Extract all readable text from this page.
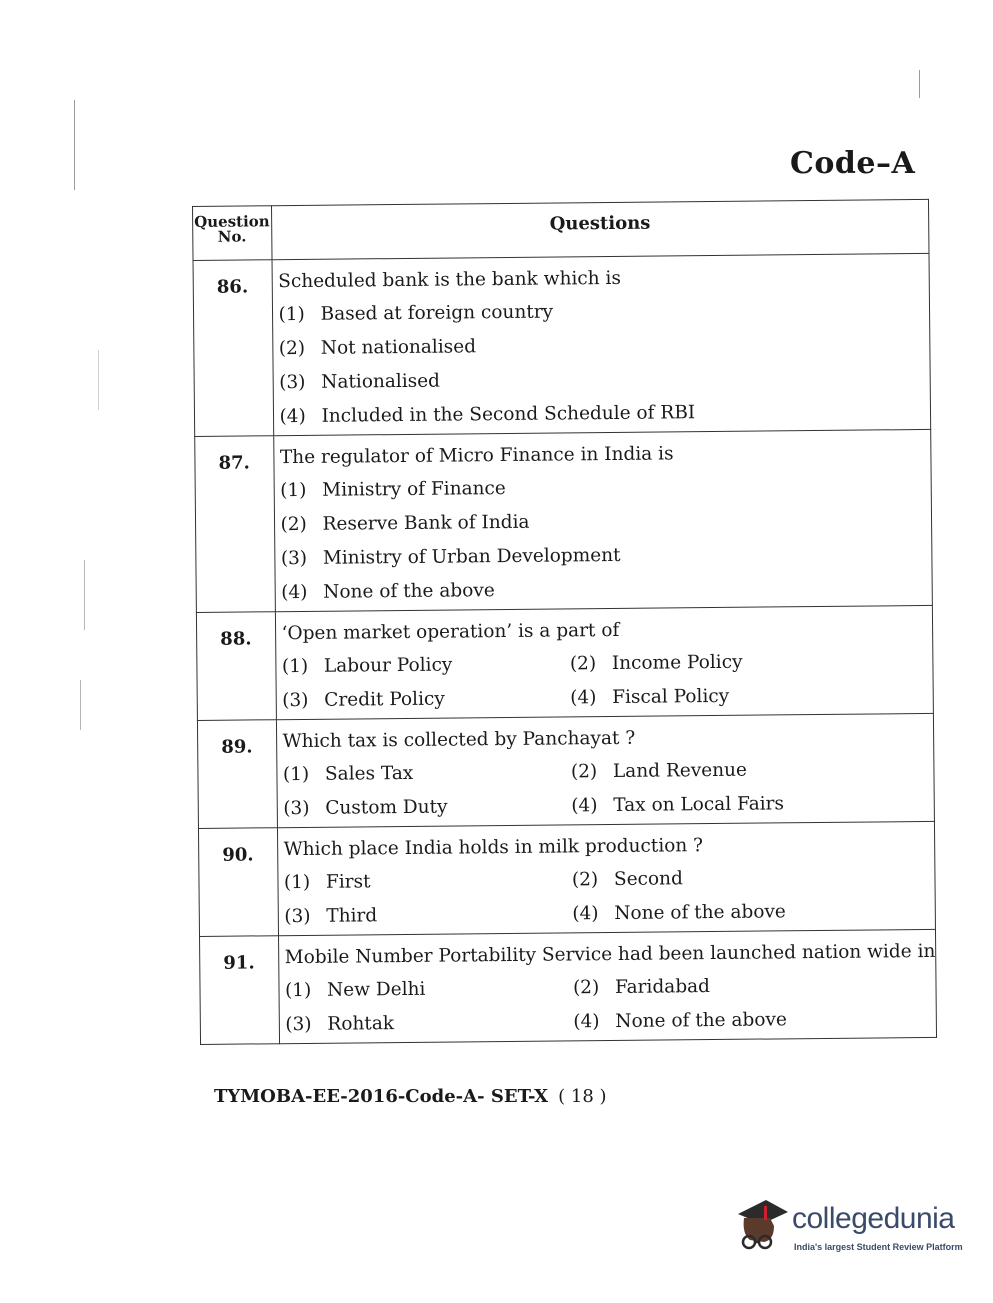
Code–A
Question No.	Questions
86.	Scheduled bank is the bank which is
(1) Based at foreign country
(2) Not nationalised
(3) Nationalised
(4) Included in the Second Schedule of RBI

87.	The regulator of Micro Finance in India is
(1) Ministry of Finance
(2) Reserve Bank of India
(3) Ministry of Urban Development
(4) None of the above

88.	‘Open market operation’ is a part of
(1) Labour Policy (2) Income Policy
(3) Credit Policy (4) Fiscal Policy

89.	Which tax is collected by Panchayat ?
(1) Sales Tax (2) Land Revenue
(3) Custom Duty (4) Tax on Local Fairs

90.	Which place India holds in milk production ?
(1) First (2) Second
(3) Third (4) None of the above

91.	Mobile Number Portability Service had been launched nation wide in
(1) New Delhi (2) Faridabad
(3) Rohtak (4) None of the above
TYMOBA-EE-2016-Code-A- SET-X ( 18 )
collegedunia
India's largest Student Review Platform
